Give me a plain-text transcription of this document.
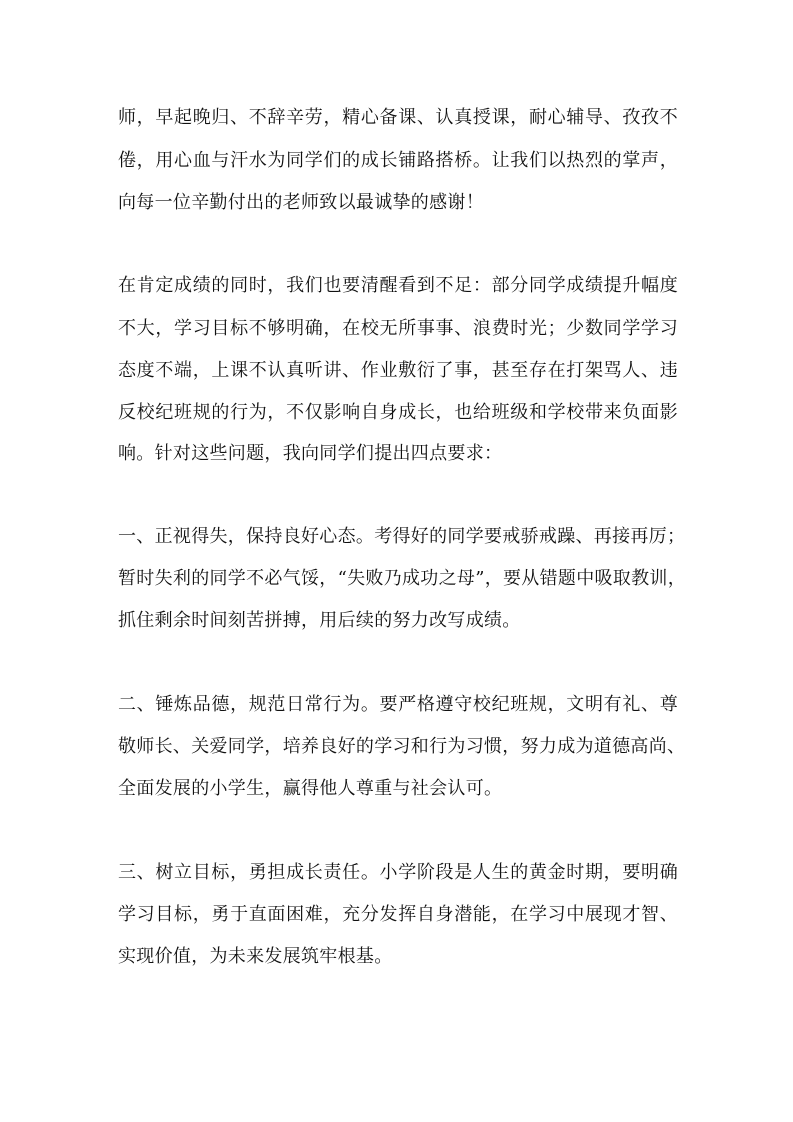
师，早起晚归、不辞辛劳，精心备课、认真授课，耐心辅导、孜孜不
倦，用心血与汗水为同学们的成长铺路搭桥。让我们以热烈的掌声，
向每一位辛勤付出的老师致以最诚挚的感谢！
在肯定成绩的同时，我们也要清醒看到不足：部分同学成绩提升幅度
不大，学习目标不够明确，在校无所事事、浪费时光；少数同学学习
态度不端，上课不认真听讲、作业敷衍了事，甚至存在打架骂人、违
反校纪班规的行为，不仅影响自身成长，也给班级和学校带来负面影
响。针对这些问题，我向同学们提出四点要求：
一、正视得失，保持良好心态。考得好的同学要戒骄戒躁、再接再厉；
暂时失利的同学不必气馁，“失败乃成功之母”，要从错题中吸取教训，
抓住剩余时间刻苦拼搏，用后续的努力改写成绩。
二、锤炼品德，规范日常行为。要严格遵守校纪班规，文明有礼、尊
敬师长、关爱同学，培养良好的学习和行为习惯，努力成为道德高尚、
全面发展的小学生，赢得他人尊重与社会认可。
三、树立目标，勇担成长责任。小学阶段是人生的黄金时期，要明确
学习目标，勇于直面困难，充分发挥自身潜能，在学习中展现才智、
实现价值，为未来发展筑牢根基。
